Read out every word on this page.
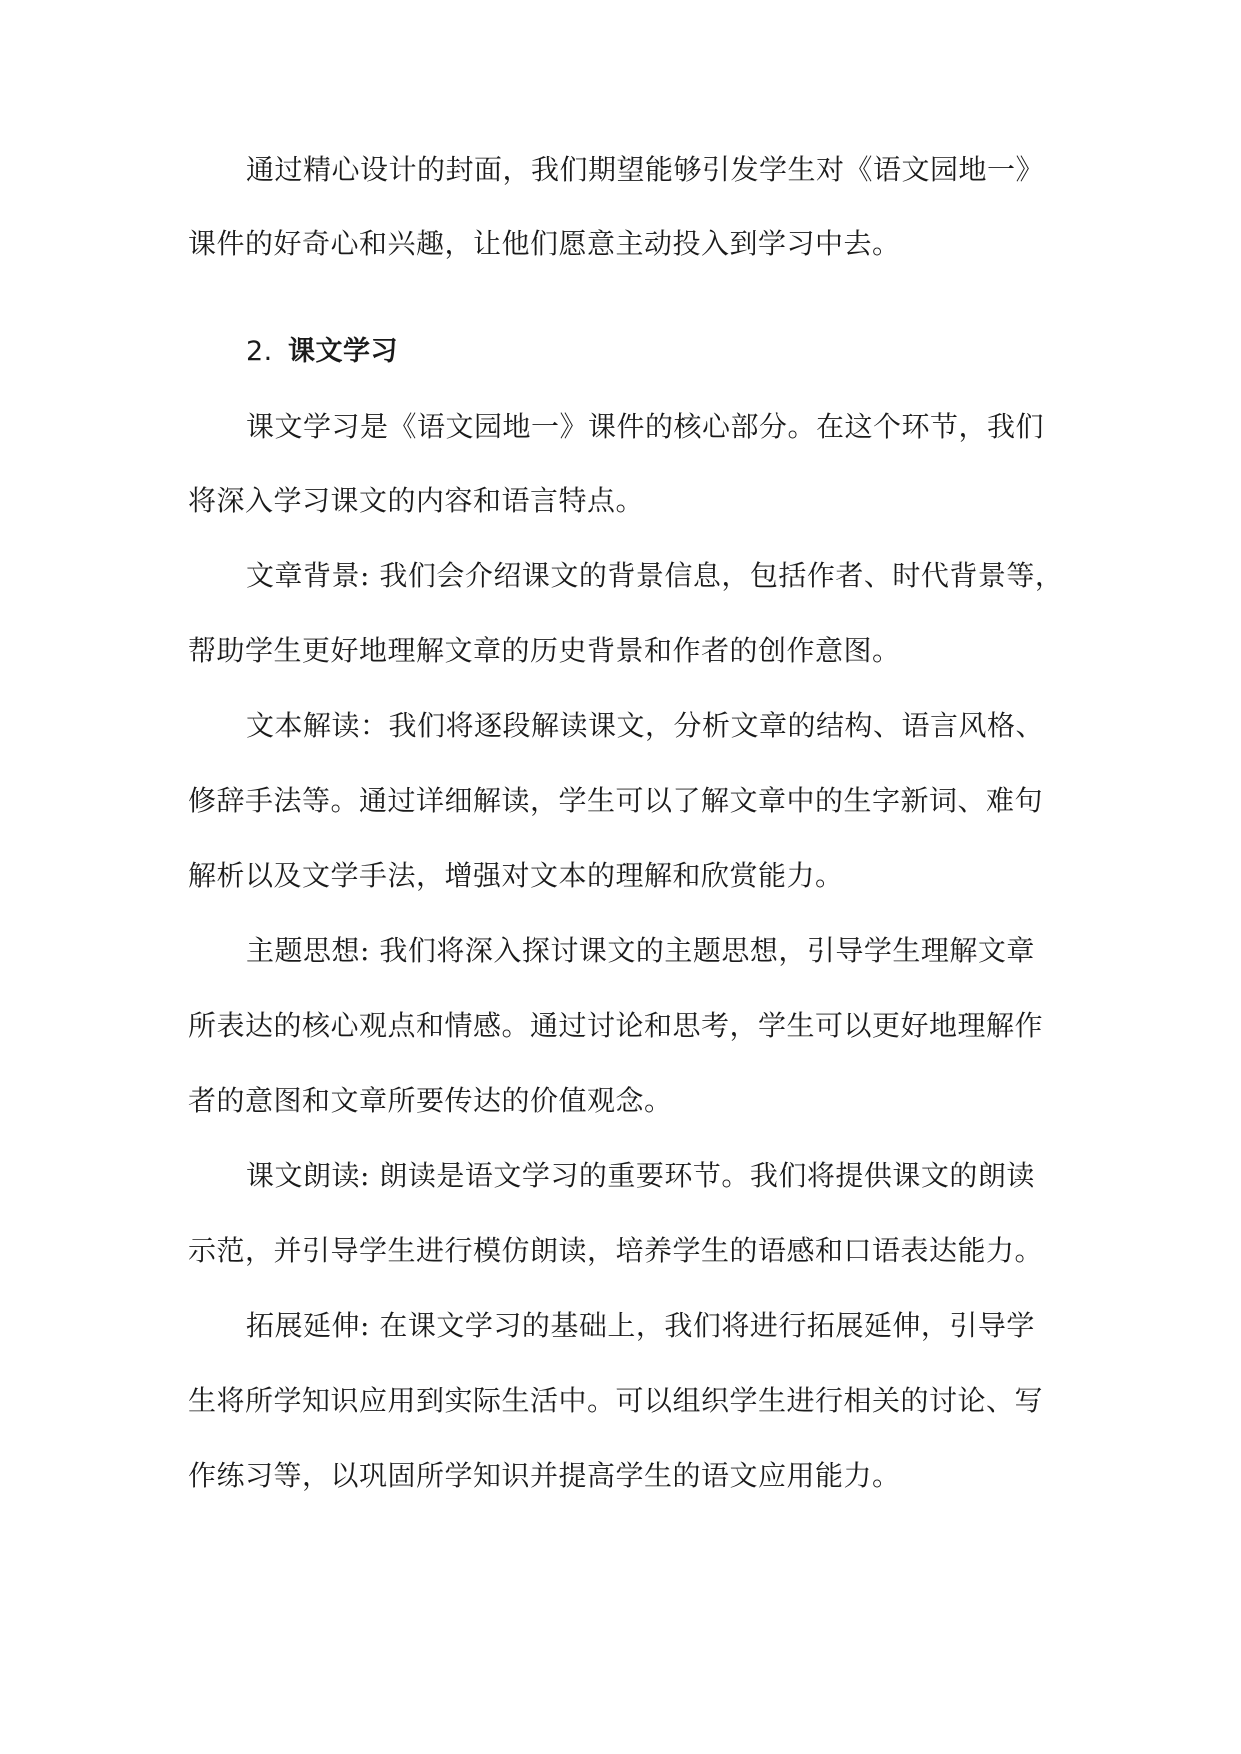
通过精心设计的封面，我们期望能够引发学生对《语文园地一》
课件的好奇心和兴趣，让他们愿意主动投入到学习中去。
2. 课文学习
课文学习是《语文园地一》课件的核心部分。在这个环节，我们
将深入学习课文的内容和语言特点。
文章背景: 我们会介绍课文的背景信息，包括作者、时代背景等，
帮助学生更好地理解文章的历史背景和作者的创作意图。
文本解读：我们将逐段解读课文，分析文章的结构、语言风格、
修辞手法等。通过详细解读，学生可以了解文章中的生字新词、难句
解析以及文学手法，增强对文本的理解和欣赏能力。
主题思想: 我们将深入探讨课文的主题思想，引导学生理解文章
所表达的核心观点和情感。通过讨论和思考，学生可以更好地理解作
者的意图和文章所要传达的价值观念。
课文朗读: 朗读是语文学习的重要环节。我们将提供课文的朗读
示范，并引导学生进行模仿朗读，培养学生的语感和口语表达能力。
拓展延伸: 在课文学习的基础上，我们将进行拓展延伸，引导学
生将所学知识应用到实际生活中。可以组织学生进行相关的讨论、写
作练习等，以巩固所学知识并提高学生的语文应用能力。
